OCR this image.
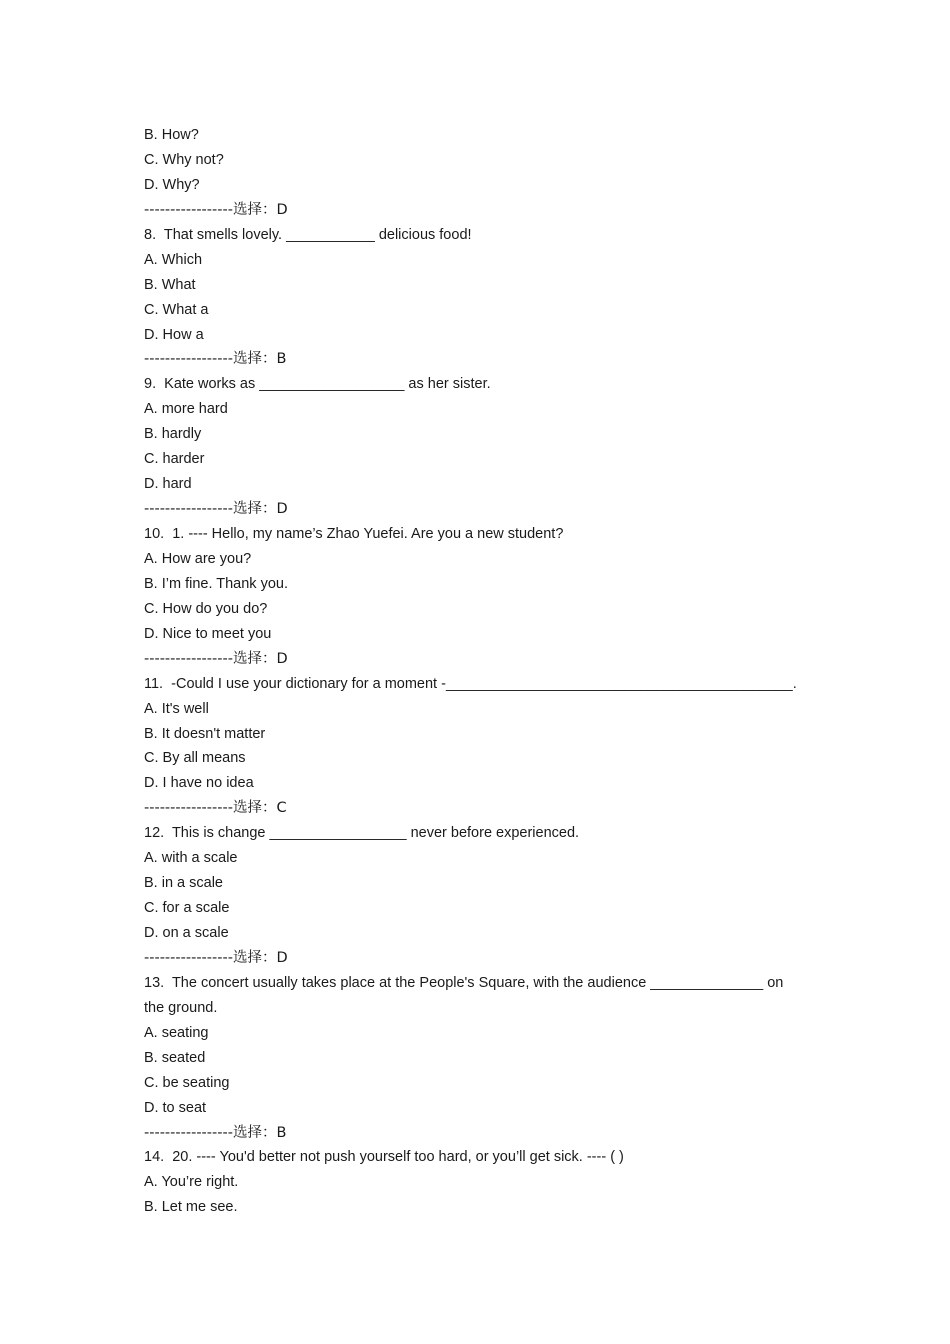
B. How?
C. Why not?
D. Why?
-----------------选择：D
8.  That smells lovely. ___________ delicious food!
A. Which
B. What
C. What a
D. How a
-----------------选择：B
9.  Kate works as __________________ as her sister.
A. more hard
B. hardly
C. harder
D. hard
-----------------选择：D
10.  1. ---- Hello, my name’s Zhao Yuefei. Are you a new student?
A. How are you?
B. I’m fine. Thank you.
C. How do you do?
D. Nice to meet you
-----------------选择：D
11.  -Could I use your dictionary for a moment -___________________________________________.
A. It's well
B. It doesn't matter
C. By all means
D. I have no idea
-----------------选择：C
12.  This is change _________________ never before experienced.
A. with a scale
B. in a scale
C. for a scale
D. on a scale
-----------------选择：D
13.  The concert usually takes place at the People's Square, with the audience ______________ on
the ground.
A. seating
B. seated
C. be seating
D. to seat
-----------------选择：B
14.  20. ---- You'd better not push yourself too hard, or you’ll get sick. ---- ( )
A. You’re right.
B. Let me see.
